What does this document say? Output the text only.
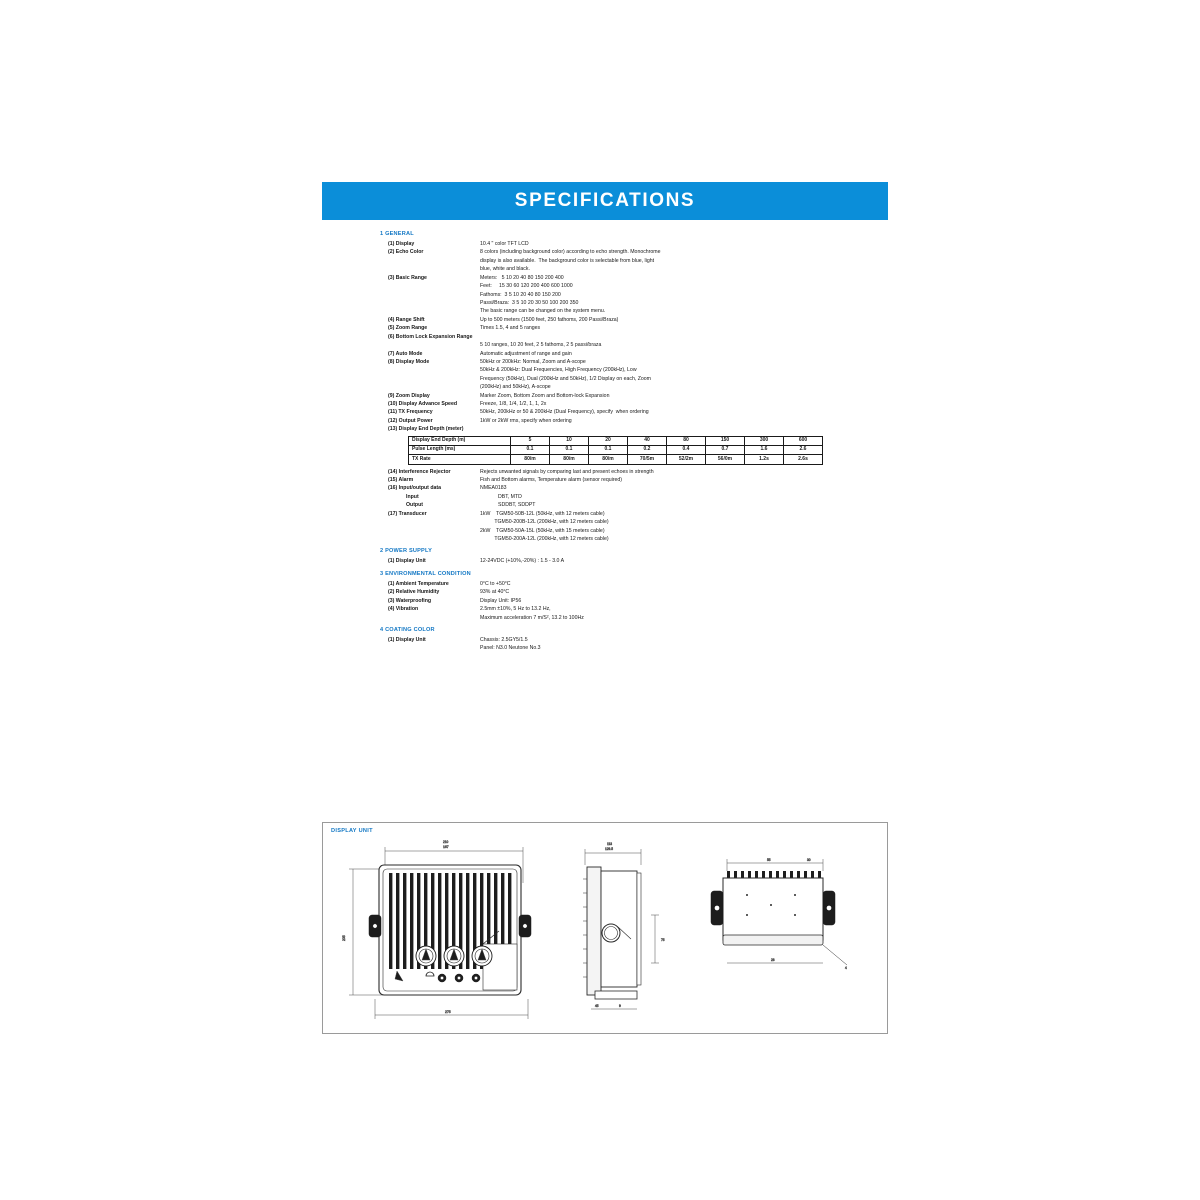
SPECIFICATIONS
1 GENERAL
(1) Display	10.4 " color TFT LCD
(2) Echo Color	8 colors (including background color) according to echo strength. Monochrome
display is also available.  The background color is selectable from blue, light
blue, white and black.
(3) Basic Range	Meters:   5 10 20 40 80 150 200 400
Feet:     15 30 60 120 200 400 600 1000
Fathoms:  3 5 10 20 40 80 150 200
Passi/Braza:  3 5 10 20 30 50 100 200 350
The basic range can be changed on the system menu.
(4) Range Shift	Up to 500 meters (1500 feet, 250 fathoms, 200 Passi/Braza)
(5) Zoom Range	Times 1.5, 4 and 5 ranges
(6) Bottom Lock Expansion Range
5 10 ranges, 10 20 feet, 2 5 fathoms, 2 5 passi/braza
(7) Auto Mode	Automatic adjustment of range and gain
(8) Display Mode	50kHz or 200kHz: Normal, Zoom and A-scope
50kHz & 200kHz: Dual Frequencies, High Frequency (200kHz), Low
Frequency (50kHz), Dual (200kHz and 50kHz), 1/2 Display on each, Zoom
(200kHz) and 50kHz), A-scope
(9) Zoom Display	Marker Zoom, Bottom Zoom and Bottom-lock Expansion
(10) Display Advance Speed	Freeze, 1/8, 1/4, 1/2, 1, 1, 2x
(11) TX Frequency	50kHz, 200kHz or 50 & 200kHz (Dual Frequency), specify  when ordering
(12) Output Power	1kW or 2kW rms, specify when ordering
(13) Display End Depth (meter)
Display End Depth (m)	5	10	20	40	80	150	300	600
Pulse Length (ms)	0.1	0.1	0.1	0.2	0.4	0.7	1.6	2.6
TX Rate	80/m	80/m	80/m	70/5m	52/2m	56/0m	1.2s	2.6s
(14) Interference Rejector	Rejects unwanted signals by comparing last and present echoes in strength
(15) Alarm	Fish and Bottom alarms, Temperature alarm (sensor required)
(16) Input/output data	NMEA0183
Input	DBT, MTD
Output	SDDBT, SDDPT
(17) Transducer	1kW    TGM50-50B-12L (50kHz, with 12 meters cable)
TGM50-200B-12L (200kHz, with 12 meters cable)
2kW    TGM50-50A-15L (50kHz, with 15 meters cable)
TGM50-200A-12L (200kHz, with 12 meters cable)
2 POWER SUPPLY
(1) Display Unit	12-24VDC (+10%,-20%) : 1.5 - 3.0 A
3 ENVIRONMENTAL CONDITION
(1) Ambient Temperature	0°C to +50°C
(2) Relative Humidity	93% at 40°C
(3) Waterproofing	Display Unit: IP56
(4) Vibration	2.5mm ±10%, 5 Hz to 13.2 Hz,
Maximum acceleration 7 m/S², 13.2 to 100Hz
4 COATING COLOR
(1) Display Unit	Chassis: 2.5GY5/1.5
Panel: N3.0 Neutone No.3
DISPLAY UNIT
167
210
205
275
129.5
113
75
45	9
55	30
28
4
